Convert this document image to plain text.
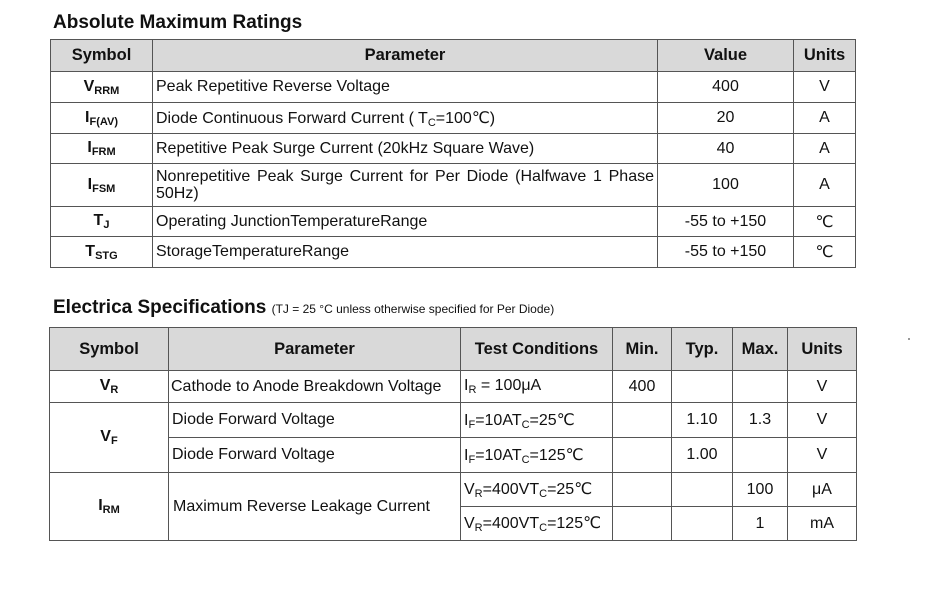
Absolute Maximum Ratings
Symbol	Parameter	Value	Units
$V_{RRM}$	Peak Repetitive Reverse Voltage	400	V
$I_{F(AV)}$	Diode Continuous Forward Current ( $T_C=100℃$)	20	A
$I_{FRM}$	Repetitive Peak Surge Current (20kHz Square Wave)	40	A
$I_{FSM}$	Nonrepetitive Peak Surge Current for Per Diode (Halfwave 1 Phase 50Hz)	100	A
$T_J$	Operating JunctionTemperatureRange	-55 to +150	℃
$T_{STG}$	StorageTemperatureRange	-55 to +150	℃
Electrica Specifications (TJ = 25 °C unless otherwise specified for Per Diode)
Symbol	Parameter	Test Conditions	Min.	Typ.	Max.	Units
$V_R$	Cathode to Anode Breakdown Voltage	$I_R = 100\mu A$	400			V
$V_F$	Diode Forward Voltage	$I_F=10AT_C=25℃$		1.10	1.3	V
	Diode Forward Voltage	$I_F=10AT_C=125℃$		1.00		V
$I_{RM}$	Maximum Reverse Leakage Current	$V_R=400VT_C=25℃$			100	μA
		$V_R=400VT_C=125℃$			1	mA
